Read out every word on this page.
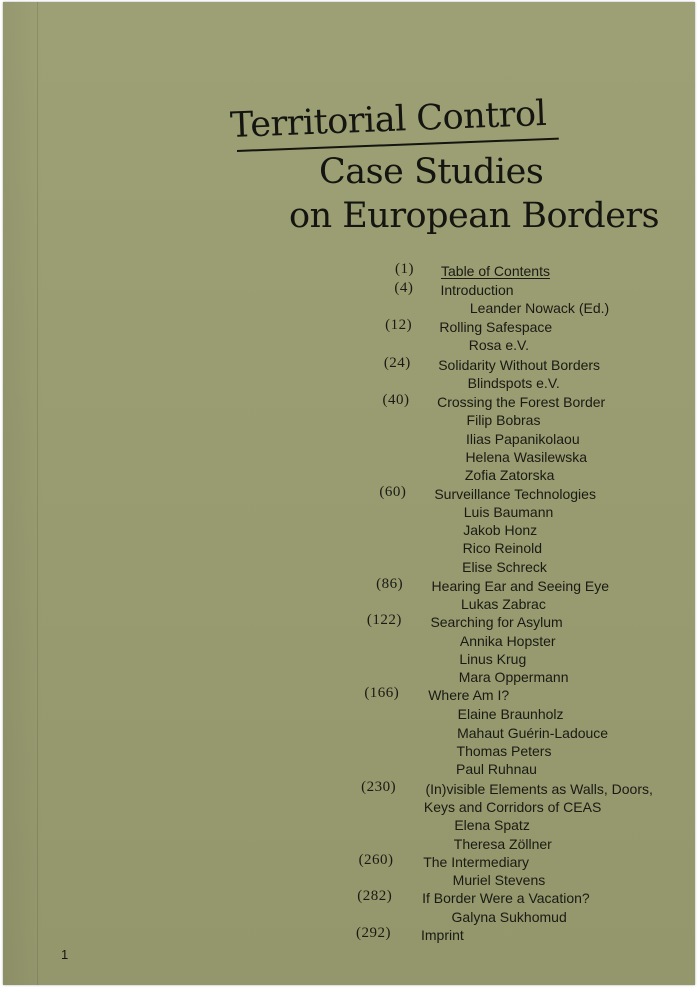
Territorial Control
Case Studies
on European Borders
(1) Table of Contents
(4) Introduction
Leander Nowack (Ed.)
(12) Rolling Safespace
Rosa e.V.
(24) Solidarity Without Borders
Blindspots e.V.
(40) Crossing the Forest Border
Filip Bobras
Ilias Papanikolaou
Helena Wasilewska
Zofia Zatorska
(60) Surveillance Technologies
Luis Baumann
Jakob Honz
Rico Reinold
Elise Schreck
(86) Hearing Ear and Seeing Eye
Lukas Zabrac
(122) Searching for Asylum
Annika Hopster
Linus Krug
Mara Oppermann
(166) Where Am I?
Elaine Braunholz
Mahaut Guérin-Ladouce
Thomas Peters
Paul Ruhnau
(230) (In)visible Elements as Walls, Doors,
Keys and Corridors of CEAS
Elena Spatz
Theresa Zöllner
(260) The Intermediary
Muriel Stevens
(282) If Border Were a Vacation?
Galyna Sukhomud
(292) Imprint
1
